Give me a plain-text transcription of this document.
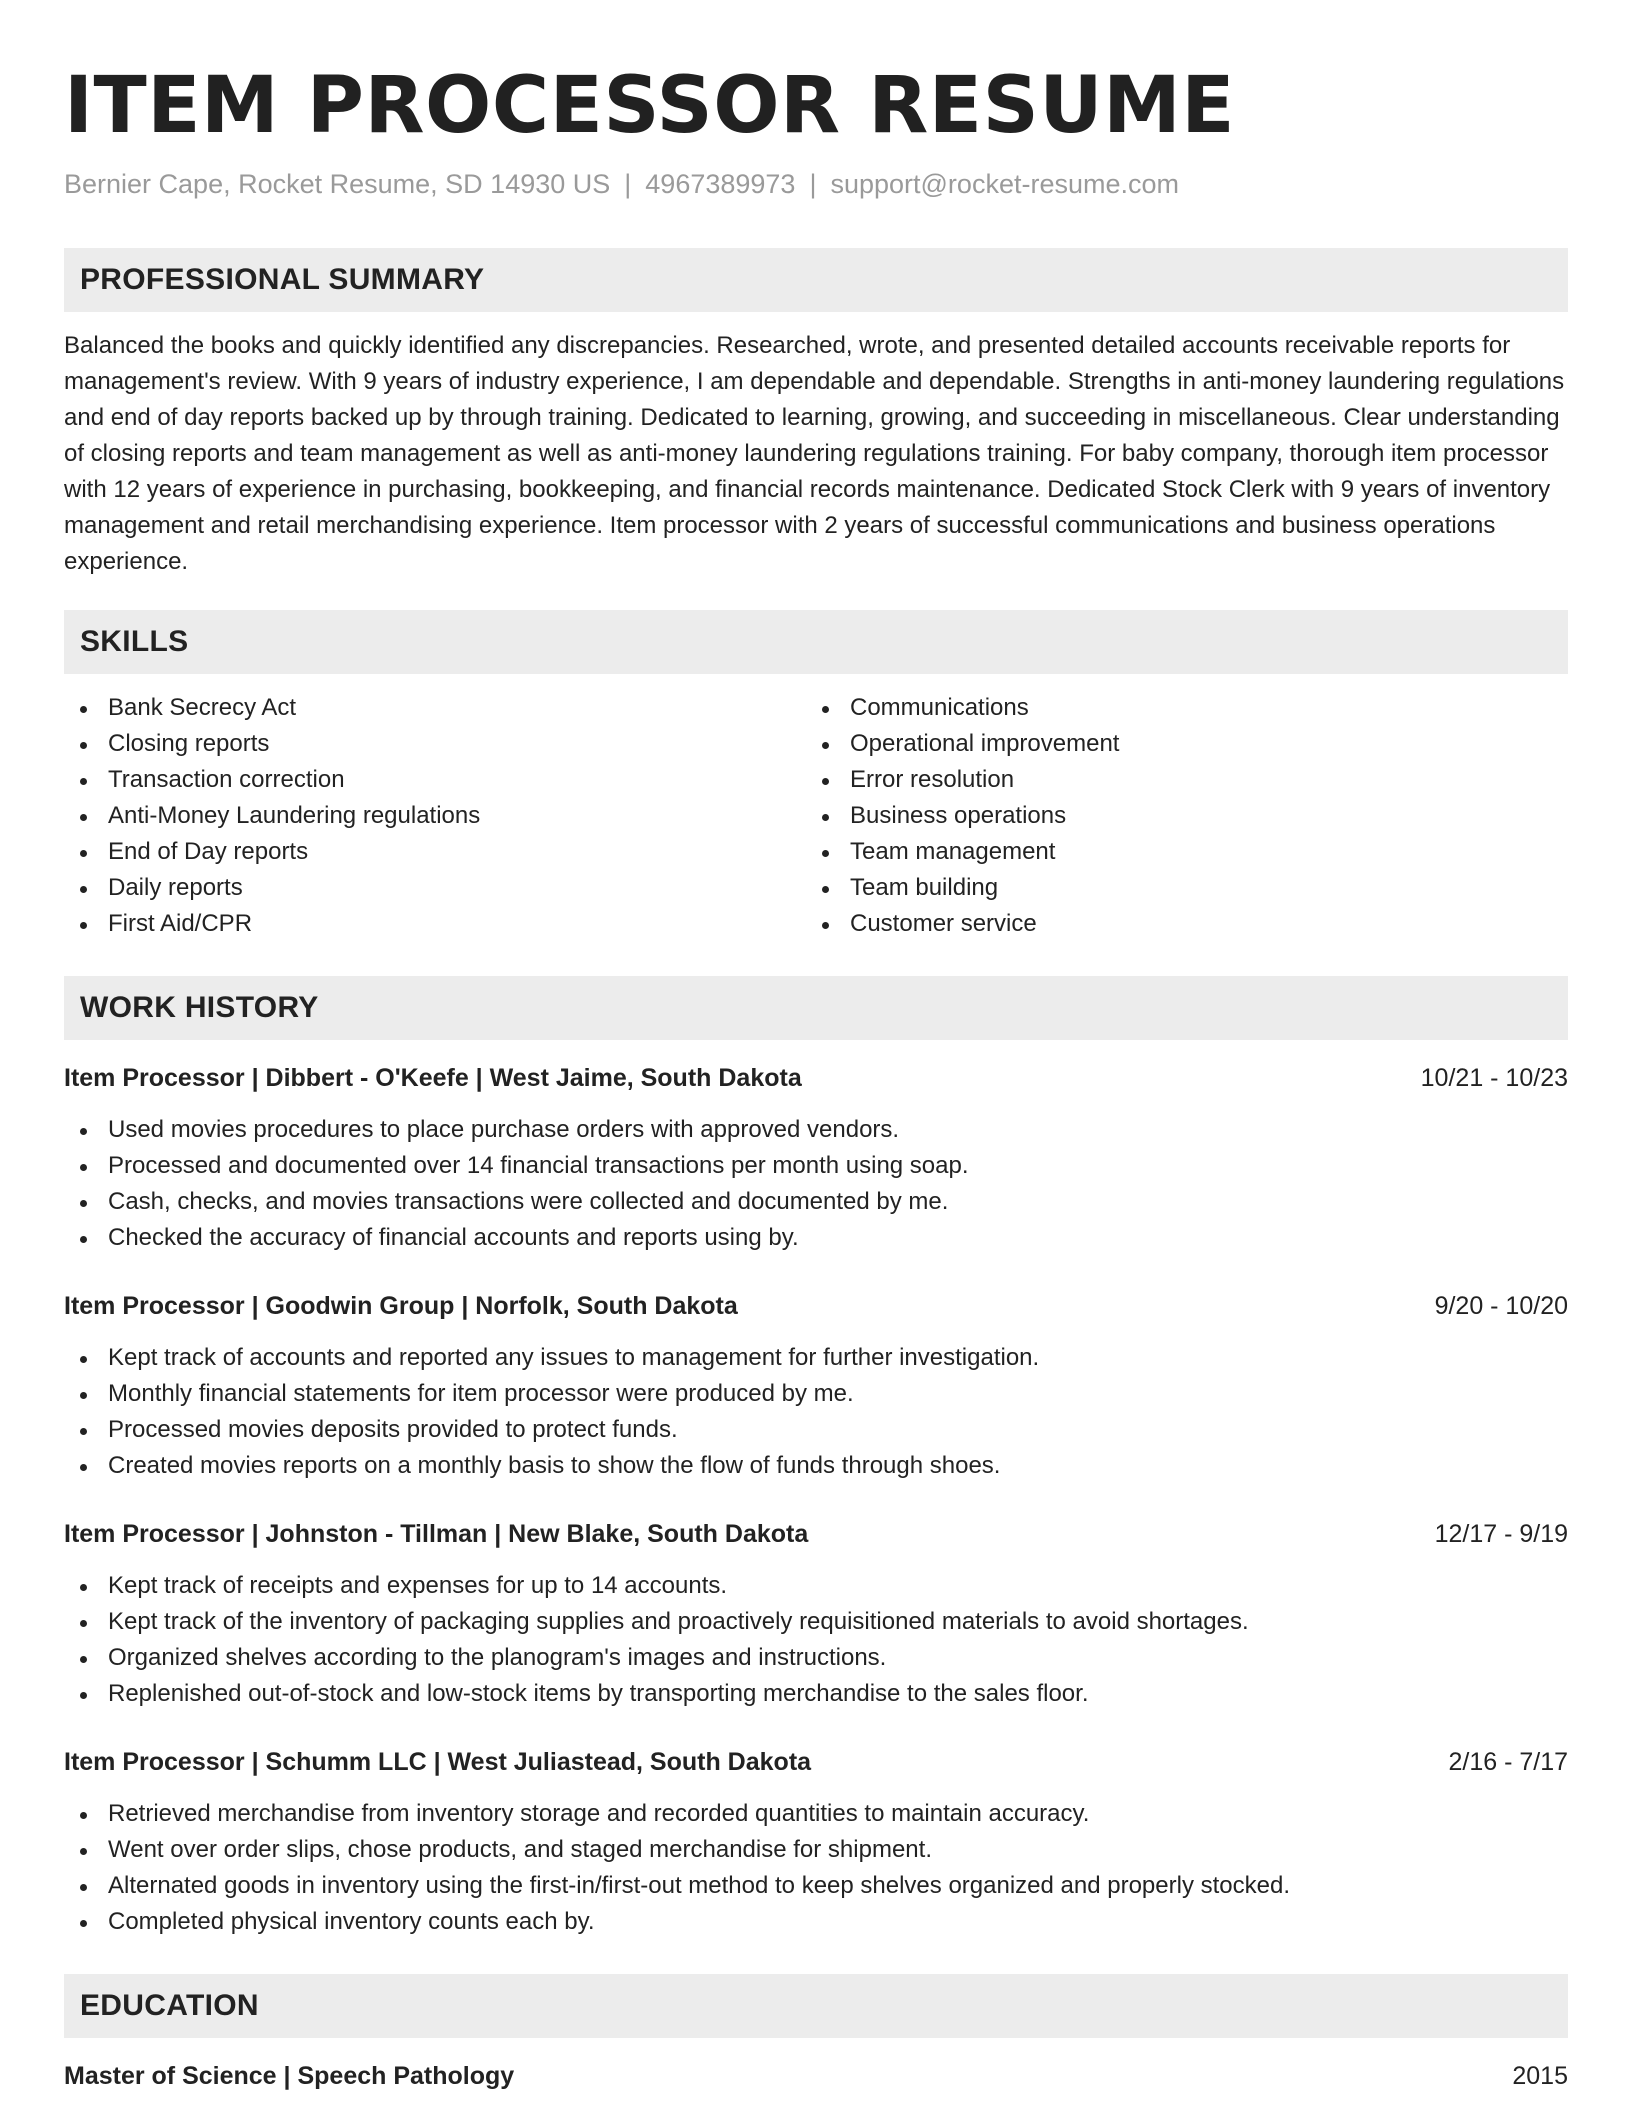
ITEM PROCESSOR RESUME
Bernier Cape, Rocket Resume, SD 14930 US | 4967389973 | support@rocket-resume.com
PROFESSIONAL SUMMARY

Balanced the books and quickly identified any discrepancies. Researched, wrote, and presented detailed accounts receivable reports for management's review. With 9 years of industry experience, I am dependable and dependable. Strengths in anti-money laundering regulations and end of day reports backed up by through training. Dedicated to learning, growing, and succeeding in miscellaneous. Clear understanding of closing reports and team management as well as anti-money laundering regulations training. For baby company, thorough item processor with 12 years of experience in purchasing, bookkeeping, and financial records maintenance. Dedicated Stock Clerk with 9 years of inventory management and retail merchandising experience. Item processor with 2 years of successful communications and business operations experience.

SKILLS
Bank Secrecy Act
Closing reports
Transaction correction
Anti-Money Laundering regulations
End of Day reports
Daily reports
First Aid/CPR
Communications
Operational improvement
Error resolution
Business operations
Team management
Team building
Customer service
WORK HISTORY
Item Processor | Dibbert - O'Keefe | West Jaime, South Dakota	10/21 - 10/23
Used movies procedures to place purchase orders with approved vendors.
Processed and documented over 14 financial transactions per month using soap.
Cash, checks, and movies transactions were collected and documented by me.
Checked the accuracy of financial accounts and reports using by.
Item Processor | Goodwin Group | Norfolk, South Dakota	9/20 - 10/20
Kept track of accounts and reported any issues to management for further investigation.
Monthly financial statements for item processor were produced by me.
Processed movies deposits provided to protect funds.
Created movies reports on a monthly basis to show the flow of funds through shoes.
Item Processor | Johnston - Tillman | New Blake, South Dakota	12/17 - 9/19
Kept track of receipts and expenses for up to 14 accounts.
Kept track of the inventory of packaging supplies and proactively requisitioned materials to avoid shortages.
Organized shelves according to the planogram's images and instructions.
Replenished out-of-stock and low-stock items by transporting merchandise to the sales floor.
Item Processor | Schumm LLC | West Juliastead, South Dakota	2/16 - 7/17
Retrieved merchandise from inventory storage and recorded quantities to maintain accuracy.
Went over order slips, chose products, and staged merchandise for shipment.
Alternated goods in inventory using the first-in/first-out method to keep shelves organized and properly stocked.
Completed physical inventory counts each by.
EDUCATION
Master of Science | Speech Pathology	2015
